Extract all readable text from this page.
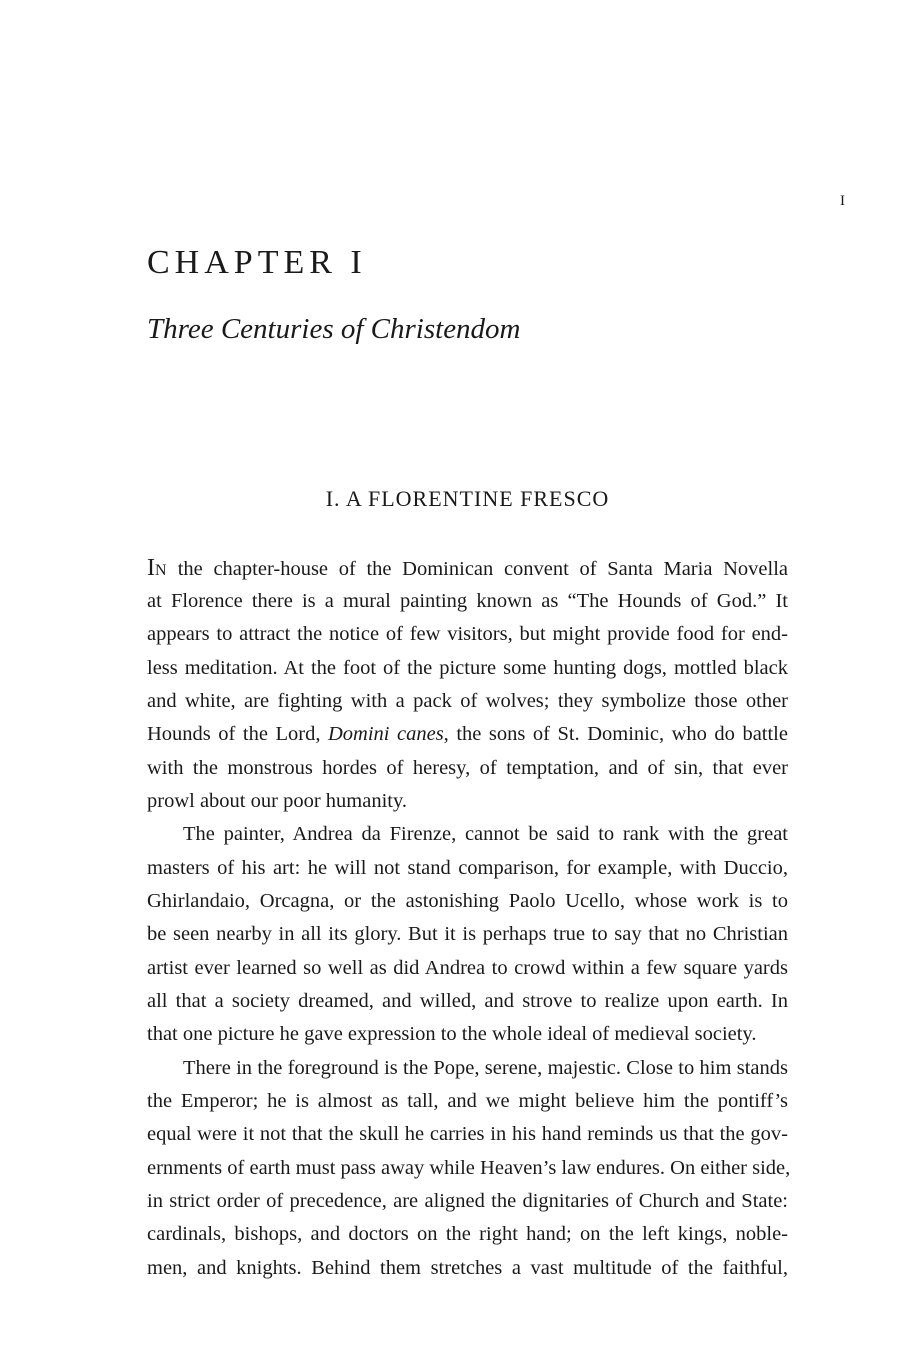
I
CHAPTER I
Three Centuries of Christendom
I. A FLORENTINE FRESCO
IN the chapter-house of the Dominican convent of Santa Maria Novella
at Florence there is a mural painting known as “The Hounds of God.” It
appears to attract the notice of few visitors, but might provide food for end-
less meditation. At the foot of the picture some hunting dogs, mottled black
and white, are fighting with a pack of wolves; they symbolize those other
Hounds of the Lord, Domini canes, the sons of St. Dominic, who do battle
with the monstrous hordes of heresy, of temptation, and of sin, that ever
prowl about our poor humanity.
The painter, Andrea da Firenze, cannot be said to rank with the great
masters of his art: he will not stand comparison, for example, with Duccio,
Ghirlandaio, Orcagna, or the astonishing Paolo Ucello, whose work is to
be seen nearby in all its glory. But it is perhaps true to say that no Christian
artist ever learned so well as did Andrea to crowd within a few square yards
all that a society dreamed, and willed, and strove to realize upon earth. In
that one picture he gave expression to the whole ideal of medieval society.
There in the foreground is the Pope, serene, majestic. Close to him stands
the Emperor; he is almost as tall, and we might believe him the pontiff’s
equal were it not that the skull he carries in his hand reminds us that the gov-
ernments of earth must pass away while Heaven’s law endures. On either side,
in strict order of precedence, are aligned the dignitaries of Church and State:
cardinals, bishops, and doctors on the right hand; on the left kings, noble-
men, and knights. Behind them stretches a vast multitude of the faithful,
